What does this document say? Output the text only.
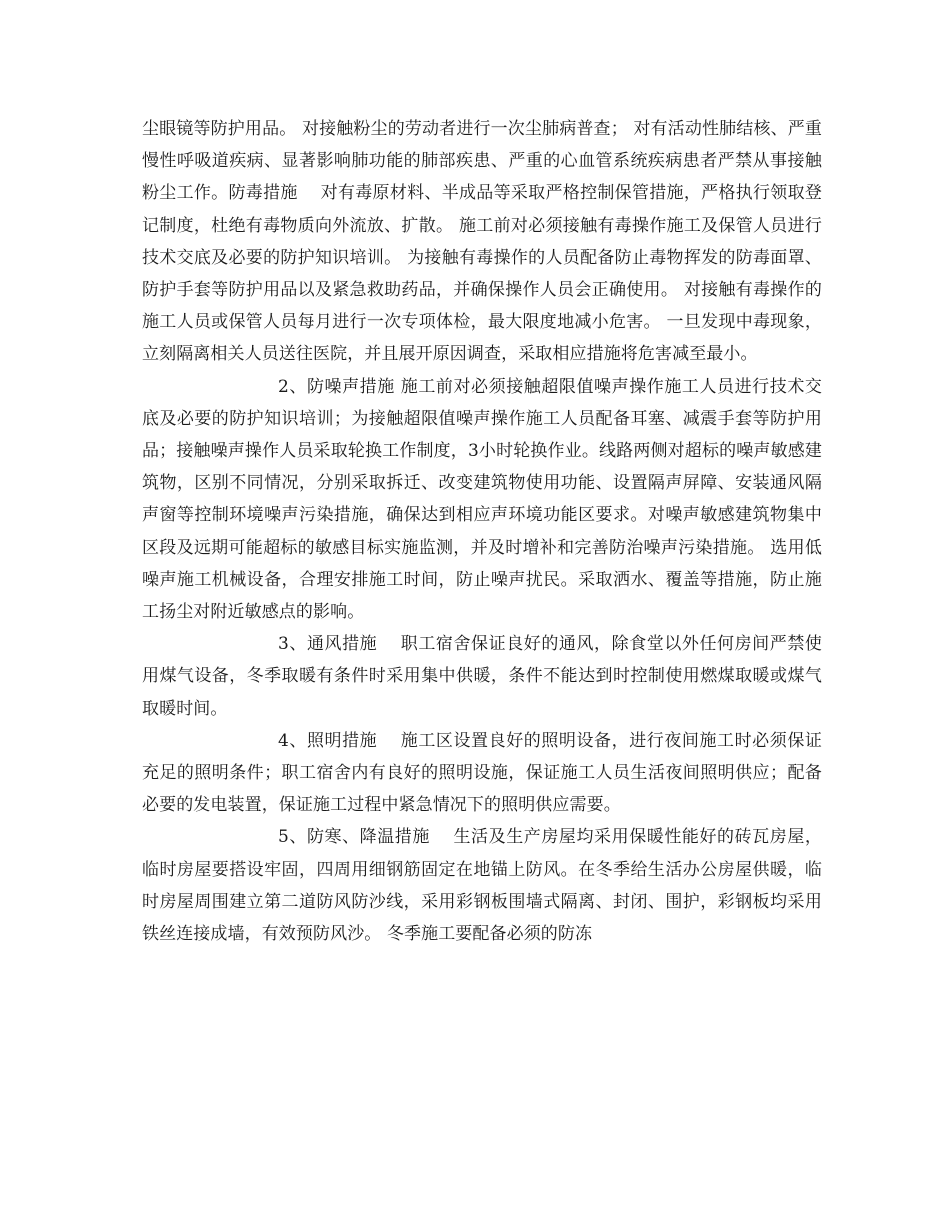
尘眼镜等防护用品。 对接触粉尘的劳动者进行一次尘肺病普查； 对有活动性肺结核、严重慢性呼吸道疾病、显著影响肺功能的肺部疾患、严重的心血管系统疾病患者严禁从事接触粉尘工作。防毒措施　 对有毒原材料、半成品等采取严格控制保管措施，严格执行领取登记制度，杜绝有毒物质向外流放、扩散。 施工前对必须接触有毒操作施工及保管人员进行技术交底及必要的防护知识培训。 为接触有毒操作的人员配备防止毒物挥发的防毒面罩、防护手套等防护用品以及紧急救助药品，并确保操作人员会正确使用。 对接触有毒操作的施工人员或保管人员每月进行一次专项体检，最大限度地减小危害。 一旦发现中毒现象，立刻隔离相关人员送往医院，并且展开原因调查，采取相应措施将危害减至最小。

2、防噪声措施 施工前对必须接触超限值噪声操作施工人员进行技术交底及必要的防护知识培训；为接触超限值噪声操作施工人员配备耳塞、减震手套等防护用品；接触噪声操作人员采取轮换工作制度，3小时轮换作业。线路两侧对超标的噪声敏感建筑物，区别不同情况，分别采取拆迁、改变建筑物使用功能、设置隔声屏障、安装通风隔声窗等控制环境噪声污染措施，确保达到相应声环境功能区要求。对噪声敏感建筑物集中区段及远期可能超标的敏感目标实施监测，并及时增补和完善防治噪声污染措施。 选用低噪声施工机械设备，合理安排施工时间，防止噪声扰民。采取洒水、覆盖等措施，防止施工扬尘对附近敏感点的影响。

3、通风措施　 职工宿舍保证良好的通风，除食堂以外任何房间严禁使用煤气设备，冬季取暖有条件时采用集中供暖，条件不能达到时控制使用燃煤取暖或煤气取暖时间。

4、照明措施　 施工区设置良好的照明设备，进行夜间施工时必须保证充足的照明条件；职工宿舍内有良好的照明设施，保证施工人员生活夜间照明供应；配备必要的发电装置，保证施工过程中紧急情况下的照明供应需要。

5、防寒、降温措施　 生活及生产房屋均采用保暖性能好的砖瓦房屋，临时房屋要搭设牢固，四周用细钢筋固定在地锚上防风。在冬季给生活办公房屋供暖，临时房屋周围建立第二道防风防沙线，采用彩钢板围墙式隔离、封闭、围护，彩钢板均采用铁丝连接成墙，有效预防风沙。 冬季施工要配备必须的防冻
